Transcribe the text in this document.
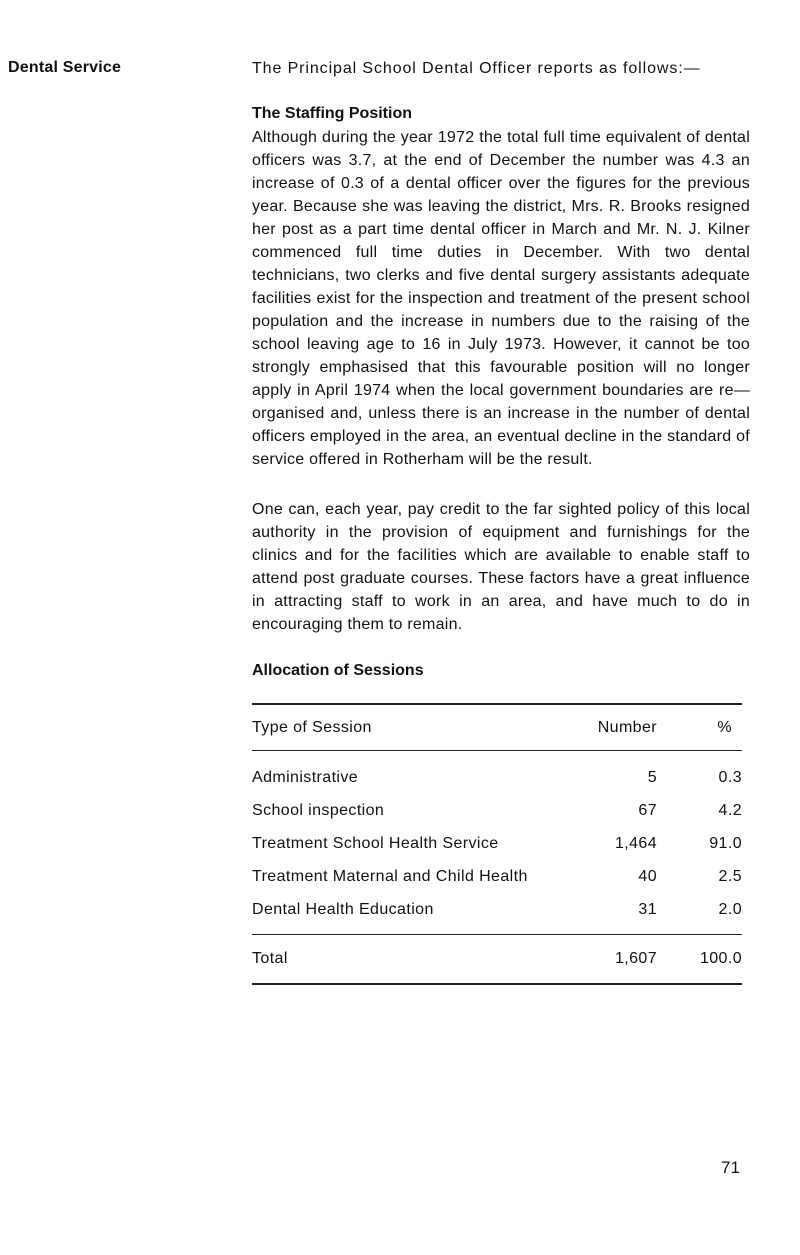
Dental Service	The Principal School Dental Officer reports as follows:—

The Staffing Position

Although during the year 1972 the total full time equivalent of dental officers was 3.7, at the end of December the number was 4.3 an increase of 0.3 of a dental officer over the figures for the previous year. Because she was leaving the district, Mrs. R. Brooks resigned her post as a part time dental officer in March and Mr. N. J. Kilner commenced full time duties in December. With two dental technicians, two clerks and five dental surgery assistants adequate facilities exist for the inspection and treatment of the present school population and the increase in numbers due to the raising of the school leaving age to 16 in July 1973. However, it cannot be too strongly emphasised that this favourable position will no longer apply in April 1974 when the local government boundaries are re—organised and, unless there is an increase in the number of dental officers employed in the area, an eventual decline in the standard of service offered in Rotherham will be the result.

One can, each year, pay credit to the far sighted policy of this local authority in the provision of equipment and furnishings for the clinics and for the facilities which are available to enable staff to attend post graduate courses. These factors have a great influence in attracting staff to work in an area, and have much to do in encouraging them to remain.

Allocation of Sessions
Type of Session	Number	%
Administrative	5	0.3
School inspection	67	4.2
Treatment School Health Service	1,464	91.0
Treatment Maternal and Child Health	40	2.5
Dental Health Education	31	2.0
Total	1,607	100.0
71
